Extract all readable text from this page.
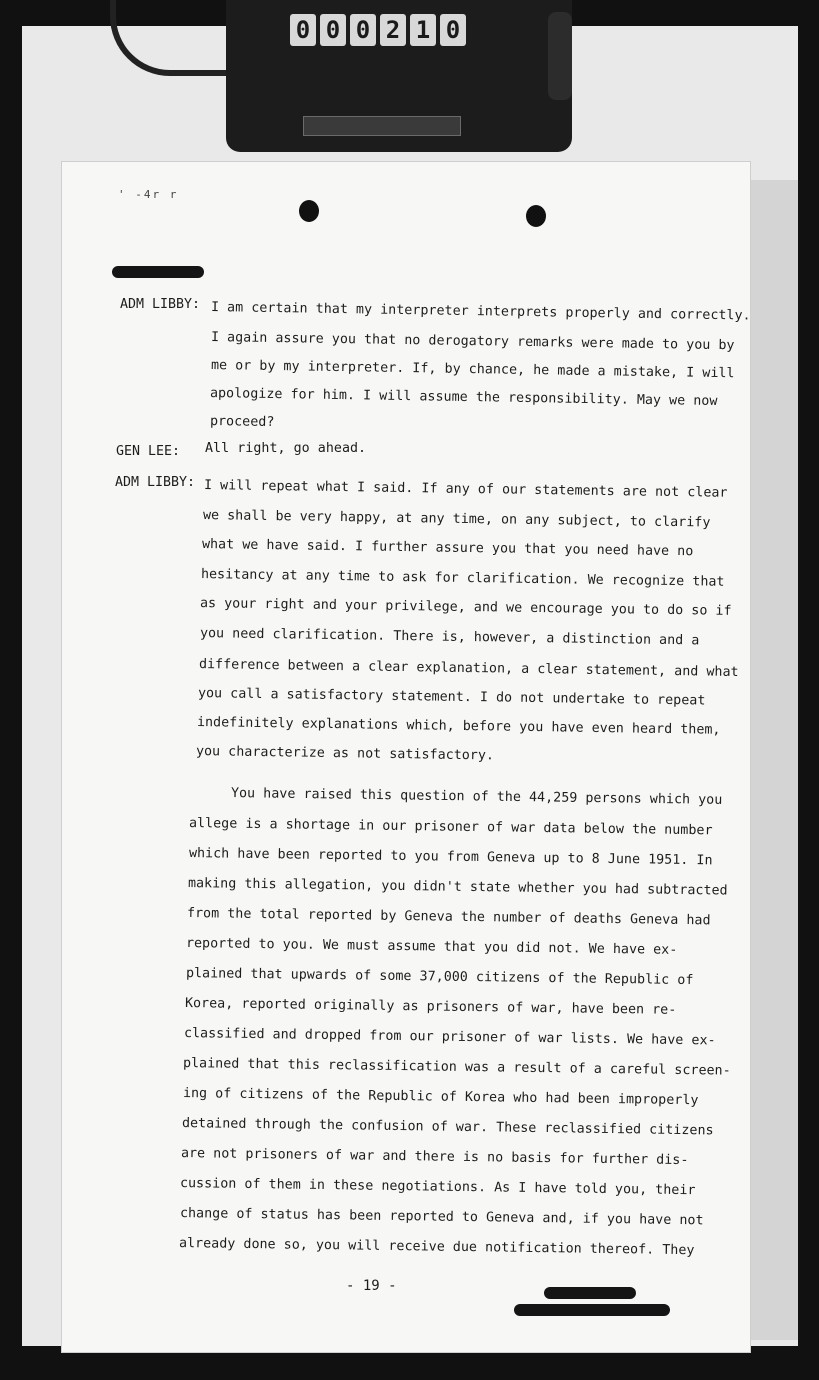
0 0 0 2 1 0
' -4r r
ADM LIBBY: I am certain that my interpreter interprets properly and correctly.
I again assure you that no derogatory remarks were made to you by
me or by my interpreter. If, by chance, he made a mistake, I will
apologize for him. I will assume the responsibility. May we now
proceed?
GEN LEE: All right, go ahead.
ADM LIBBY: I will repeat what I said. If any of our statements are not clear
we shall be very happy, at any time, on any subject, to clarify
what we have said. I further assure you that you need have no
hesitancy at any time to ask for clarification. We recognize that
as your right and your privilege, and we encourage you to do so if
you need clarification. There is, however, a distinction and a
difference between a clear explanation, a clear statement, and what
you call a satisfactory statement. I do not undertake to repeat
indefinitely explanations which, before you have even heard them,
you characterize as not satisfactory.
You have raised this question of the 44,259 persons which you
allege is a shortage in our prisoner of war data below the number
which have been reported to you from Geneva up to 8 June 1951. In
making this allegation, you didn't state whether you had subtracted
from the total reported by Geneva the number of deaths Geneva had
reported to you. We must assume that you did not. We have ex-
plained that upwards of some 37,000 citizens of the Republic of
Korea, reported originally as prisoners of war, have been re-
classified and dropped from our prisoner of war lists. We have ex-
plained that this reclassification was a result of a careful screen-
ing of citizens of the Republic of Korea who had been improperly
detained through the confusion of war. These reclassified citizens
are not prisoners of war and there is no basis for further dis-
cussion of them in these negotiations. As I have told you, their
change of status has been reported to Geneva and, if you have not
already done so, you will receive due notification thereof. They
- 19 -
